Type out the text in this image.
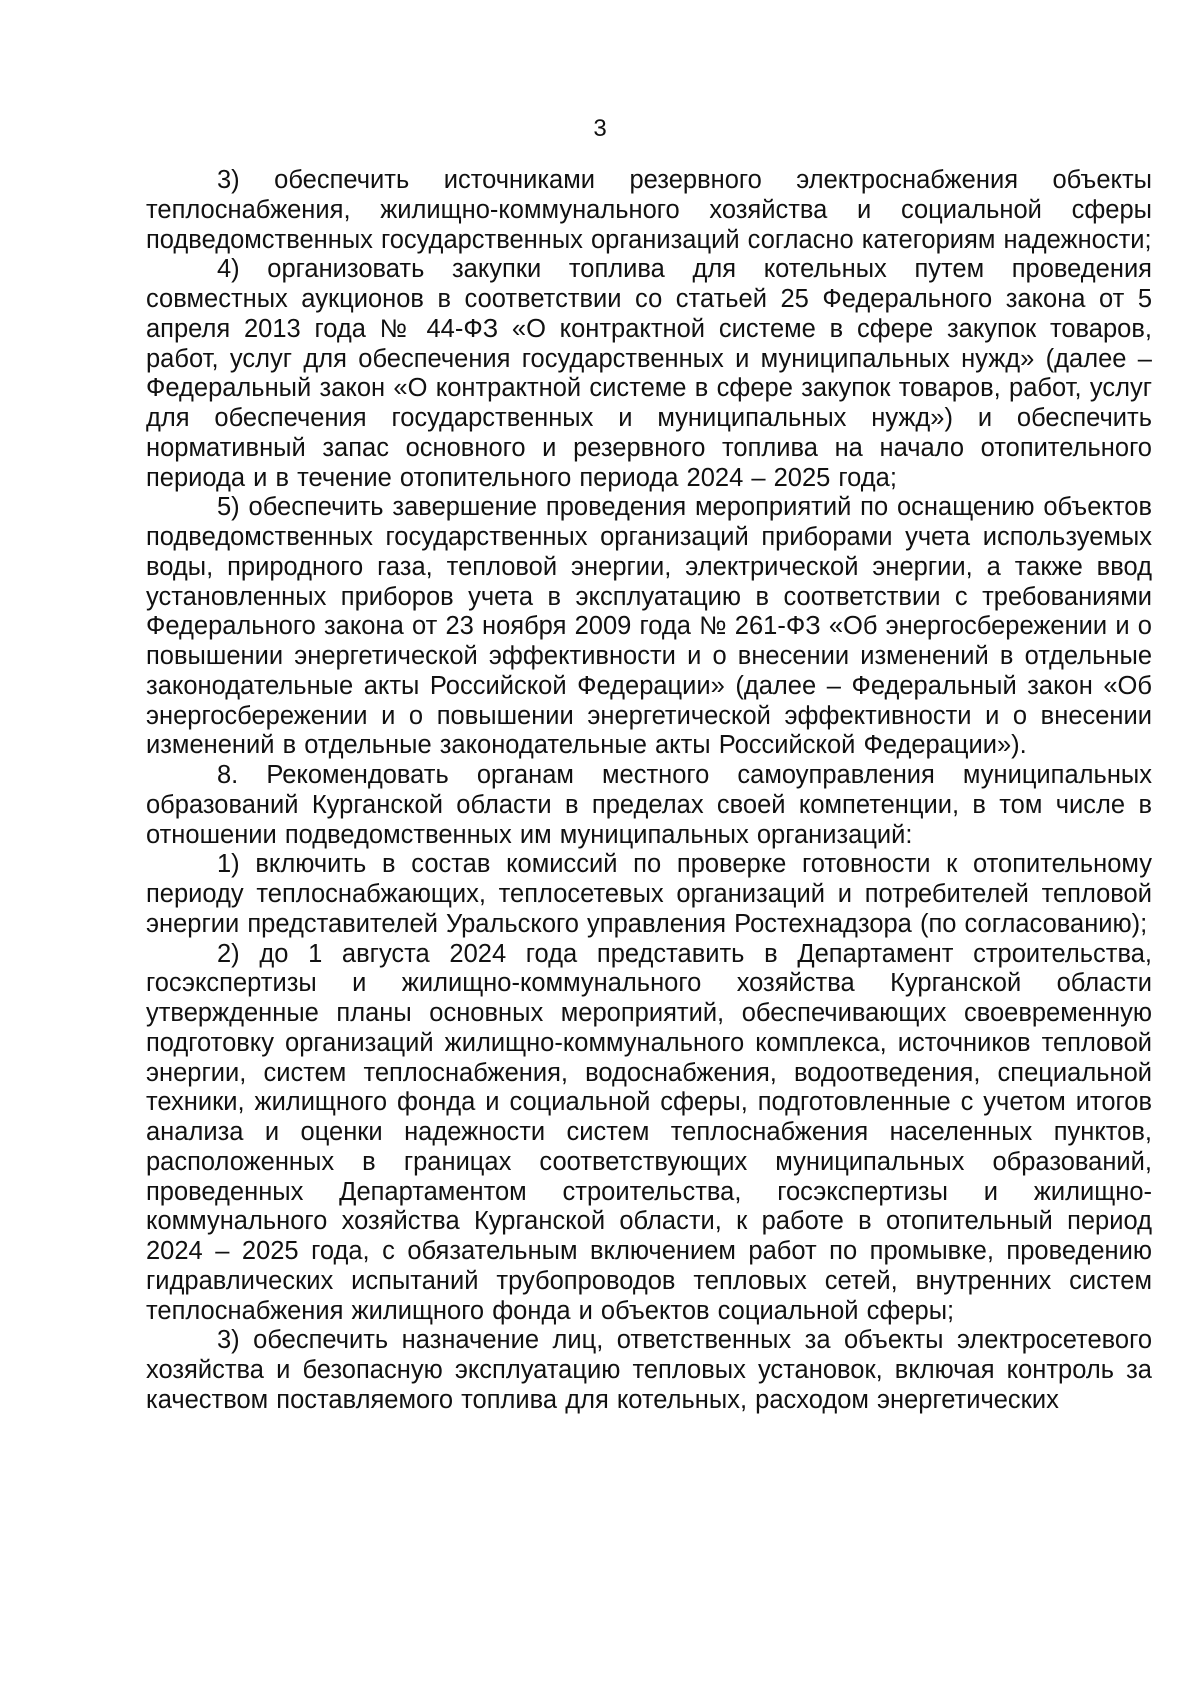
3

3) обеспечить источниками резервного электроснабжения объекты теплоснабжения, жилищно-коммунального хозяйства и социальной сферы подведомственных государственных организаций согласно категориям надежности;

4) организовать закупки топлива для котельных путем проведения совместных аукционов в соответствии со статьей 25 Федерального закона от 5 апреля 2013 года № 44-ФЗ «О контрактной системе в сфере закупок товаров, работ, услуг для обеспечения государственных и муниципальных нужд» (далее – Федеральный закон «О контрактной системе в сфере закупок товаров, работ, услуг для обеспечения государственных и муниципальных нужд») и обеспечить нормативный запас основного и резервного топлива на начало отопительного периода и в течение отопительного периода 2024 – 2025 года;

5) обеспечить завершение проведения мероприятий по оснащению объектов подведомственных государственных организаций приборами учета используемых воды, природного газа, тепловой энергии, электрической энергии, а также ввод установленных приборов учета в эксплуатацию в соответствии с требованиями Федерального закона от 23 ноября 2009 года № 261-ФЗ «Об энергосбережении и о повышении энергетической эффективности и о внесении изменений в отдельные законодательные акты Российской Федерации» (далее – Федеральный закон «Об энергосбережении и о повышении энергетической эффективности и о внесении изменений в отдельные законодательные акты Российской Федерации»).

8. Рекомендовать органам местного самоуправления муниципальных образований Курганской области в пределах своей компетенции, в том числе в отношении подведомственных им муниципальных организаций:

1) включить в состав комиссий по проверке готовности к отопительному периоду теплоснабжающих, теплосетевых организаций и потребителей тепловой энергии представителей Уральского управления Ростехнадзора (по согласованию);

2) до 1 августа 2024 года представить в Департамент строительства, госэкспертизы и жилищно-коммунального хозяйства Курганской области утвержденные планы основных мероприятий, обеспечивающих своевременную подготовку организаций жилищно-коммунального комплекса, источников тепловой энергии, систем теплоснабжения, водоснабжения, водоотведения, специальной техники, жилищного фонда и социальной сферы, подготовленные с учетом итогов анализа и оценки надежности систем теплоснабжения населенных пунктов, расположенных в границах соответствующих муниципальных образований, проведенных Департаментом строительства, госэкспертизы и жилищно-коммунального хозяйства Курганской области, к работе в отопительный период 2024 – 2025 года, с обязательным включением работ по промывке, проведению гидравлических испытаний трубопроводов тепловых сетей, внутренних систем теплоснабжения жилищного фонда и объектов социальной сферы;

3) обеспечить назначение лиц, ответственных за объекты электросетевого хозяйства и безопасную эксплуатацию тепловых установок, включая контроль за качеством поставляемого топлива для котельных, расходом энергетических
